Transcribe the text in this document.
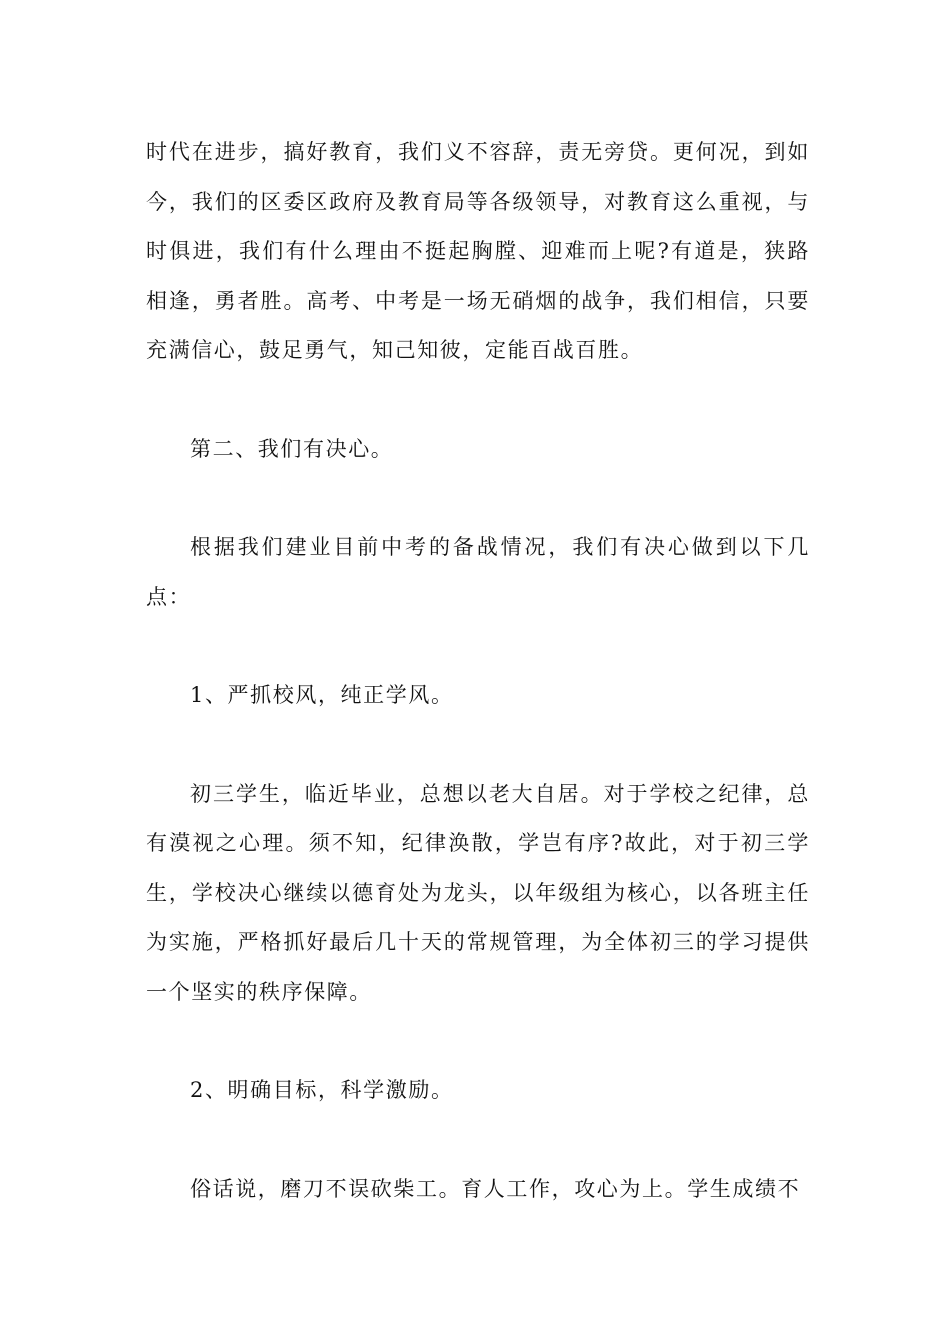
时代在进步，搞好教育，我们义不容辞，责无旁贷。更何况，到如今，我们的区委区政府及教育局等各级领导，对教育这么重视，与时俱进，我们有什么理由不挺起胸膛、迎难而上呢?有道是，狭路相逢，勇者胜。高考、中考是一场无硝烟的战争，我们相信，只要充满信心，鼓足勇气，知己知彼，定能百战百胜。

第二、我们有决心。

根据我们建业目前中考的备战情况，我们有决心做到以下几点：

1、严抓校风，纯正学风。

初三学生，临近毕业，总想以老大自居。对于学校之纪律，总有漠视之心理。须不知，纪律涣散，学岂有序?故此，对于初三学生，学校决心继续以德育处为龙头，以年级组为核心，以各班主任为实施，严格抓好最后几十天的常规管理，为全体初三的学习提供一个坚实的秩序保障。

2、明确目标，科学激励。

俗话说，磨刀不误砍柴工。育人工作，攻心为上。学生成绩不
